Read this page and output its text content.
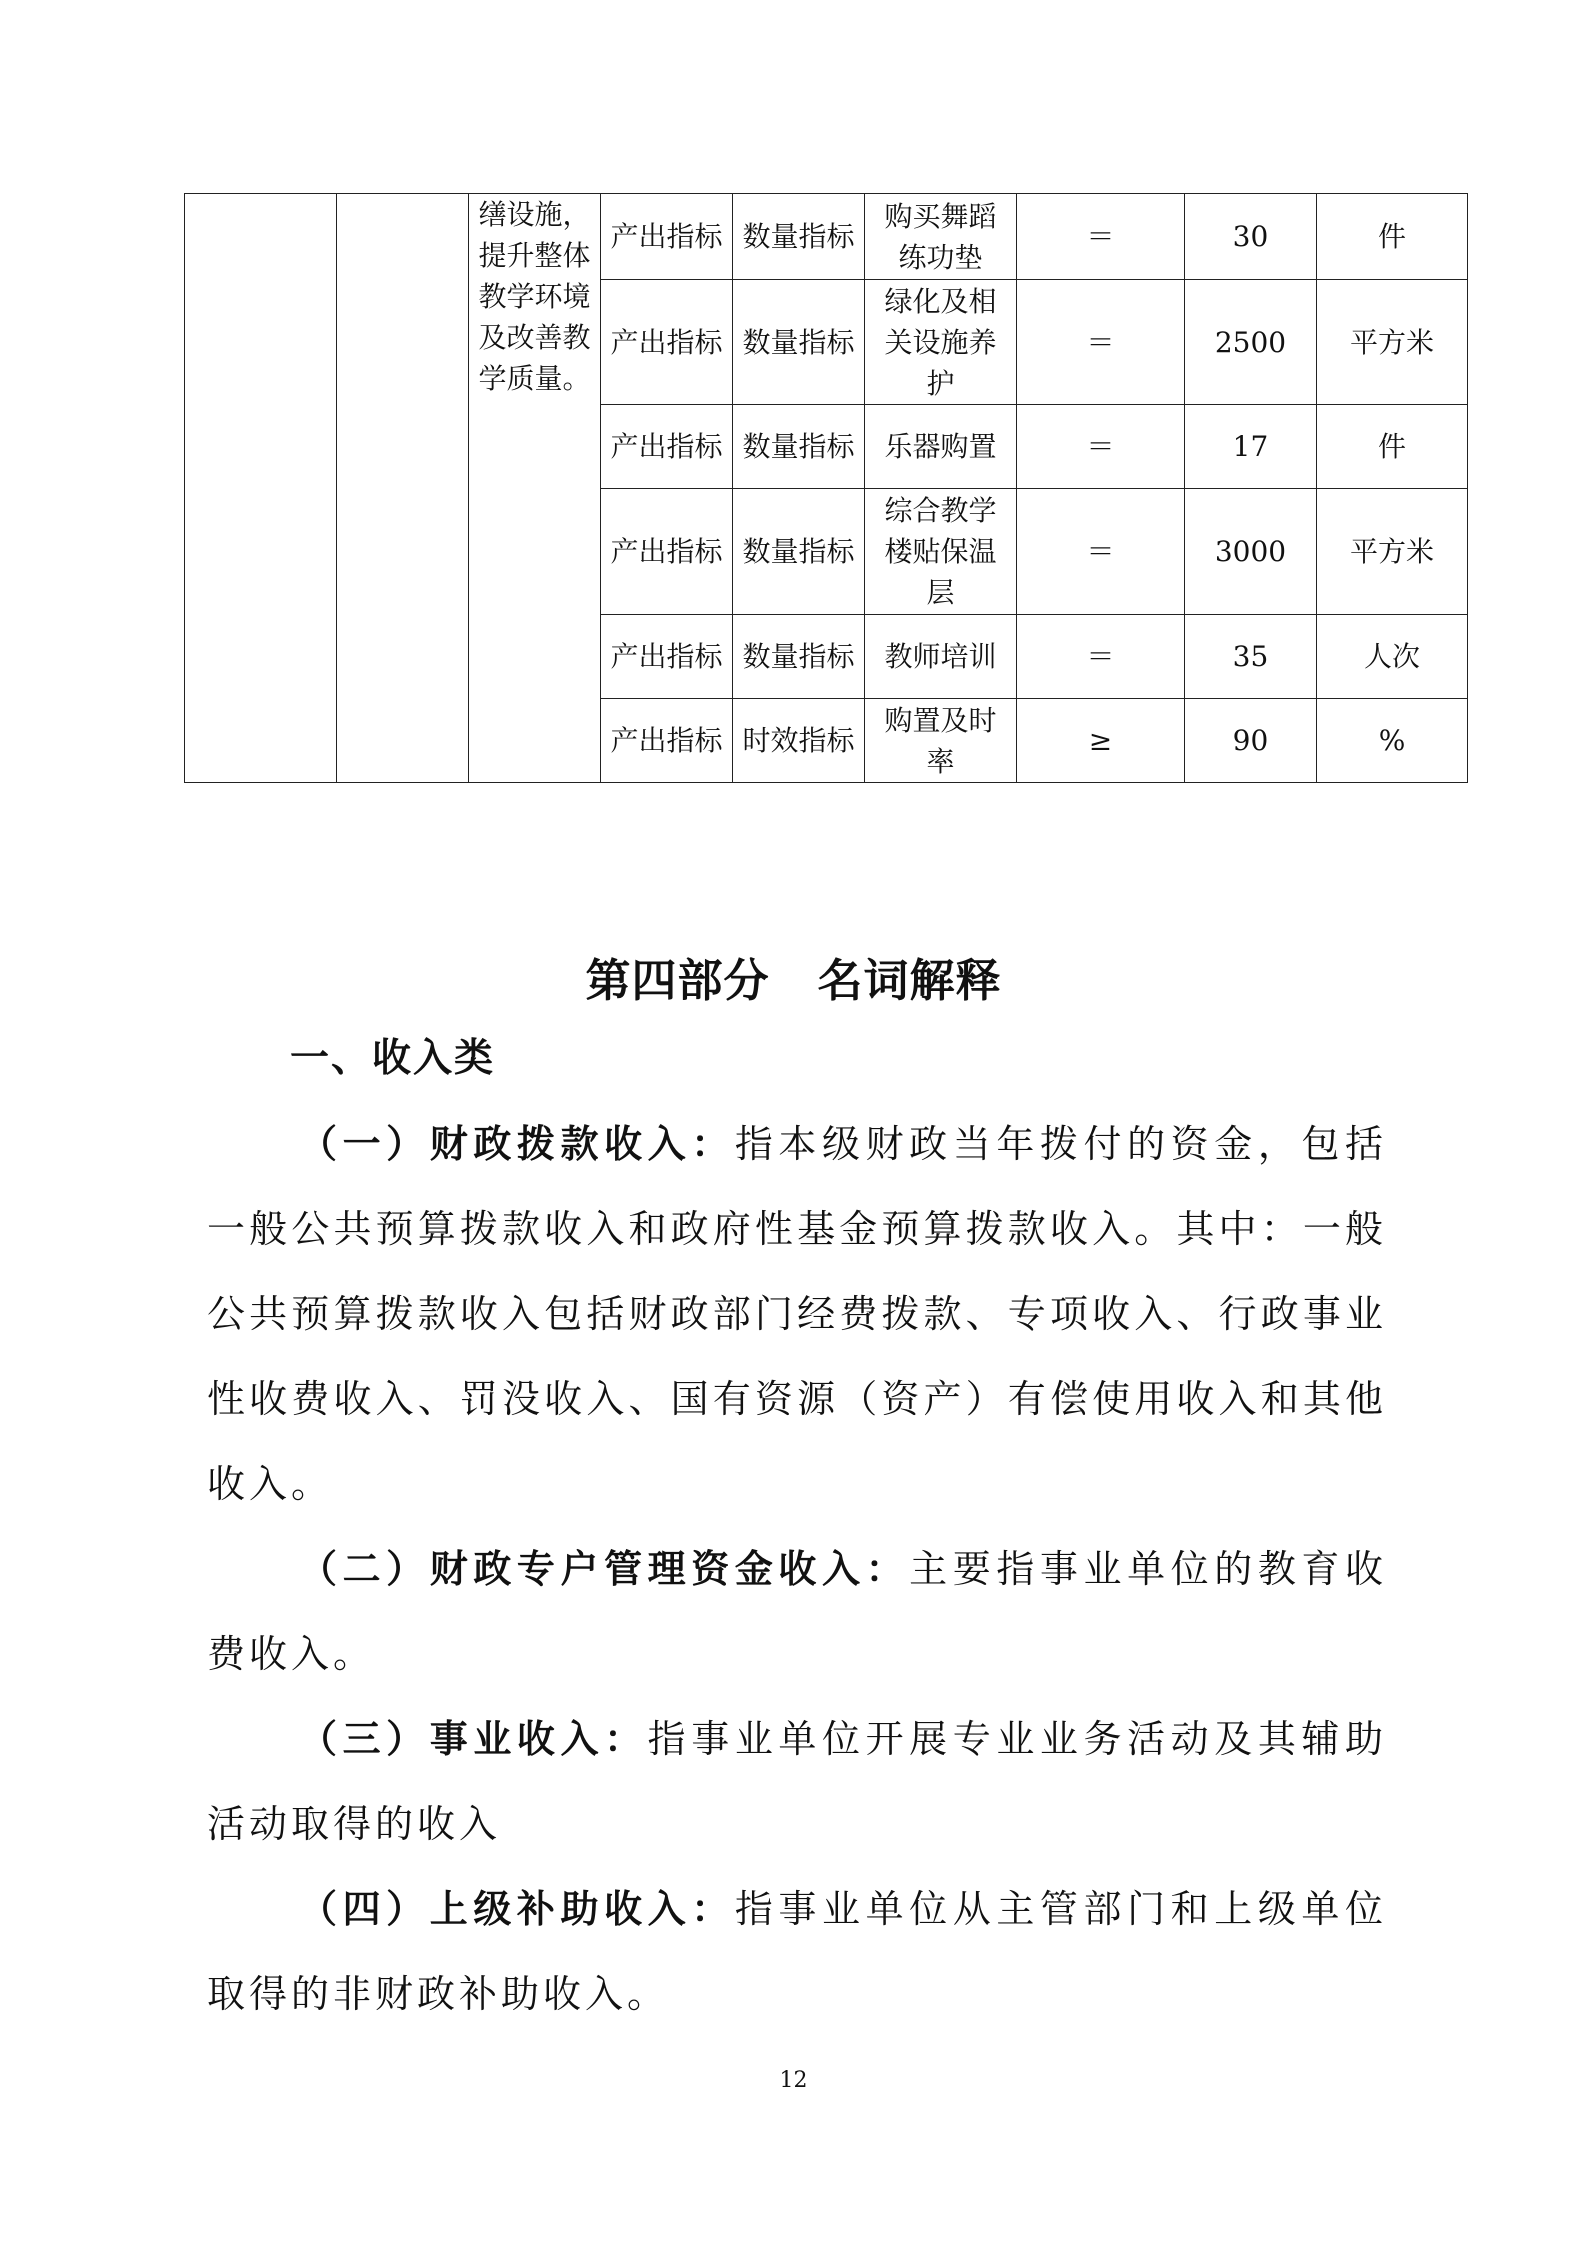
		缮设施，提升整体教学环境及改善教学质量。	产出指标	数量指标	购买舞蹈练功垫	＝	30	件
			产出指标	数量指标	绿化及相关设施养护	＝	2500	平方米
			产出指标	数量指标	乐器购置	＝	17	件
			产出指标	数量指标	综合教学楼贴保温层	＝	3000	平方米
			产出指标	数量指标	教师培训	＝	35	人次
			产出指标	时效指标	购置及时率	≥	90	%
第四部分 名词解释
一、收入类

（一）财政拨款收入：指本级财政当年拨付的资金，包括一般公共预算拨款收入和政府性基金预算拨款收入。其中：一般公共预算拨款收入包括财政部门经费拨款、专项收入、行政事业性收费收入、罚没收入、国有资源（资产）有偿使用收入和其他收入。

（二）财政专户管理资金收入：主要指事业单位的教育收费收入。

（三）事业收入：指事业单位开展专业业务活动及其辅助活动取得的收入

（四）上级补助收入：指事业单位从主管部门和上级单位取得的非财政补助收入。

12
